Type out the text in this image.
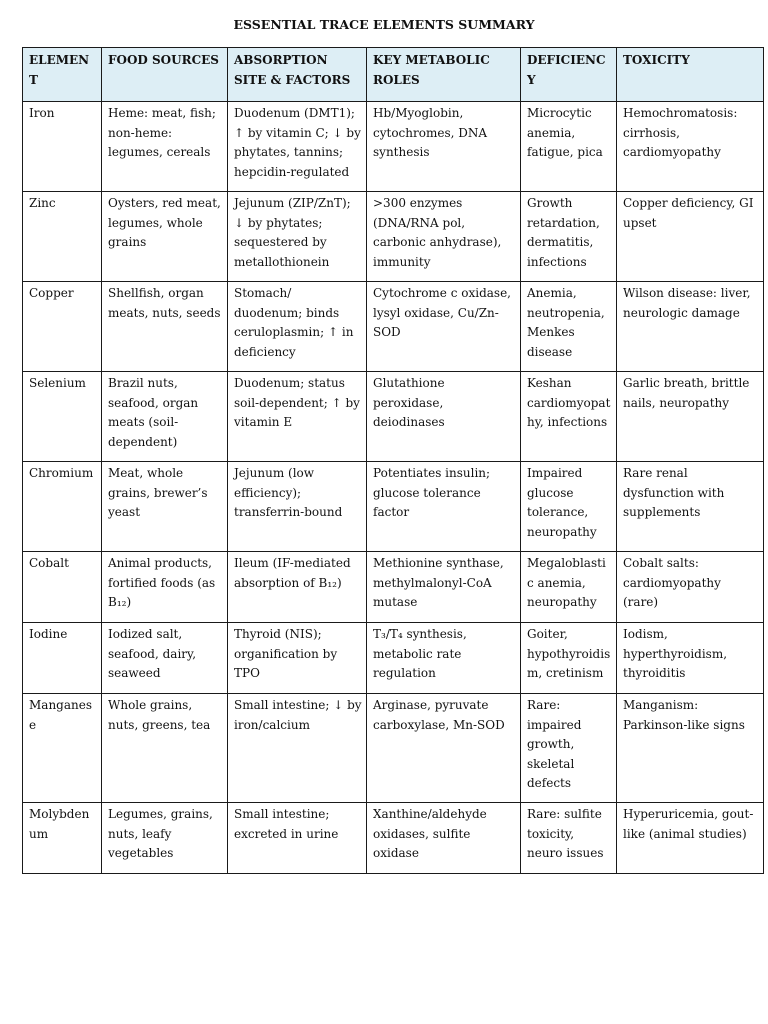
ESSENTIAL TRACE ELEMENTS SUMMARY
ELEMENT	FOOD SOURCES	ABSORPTION SITE & FACTORS	KEY METABOLIC ROLES	DEFICIENCY	TOXICITY
Iron	Heme: meat, fish; non-heme: legumes, cereals	Duodenum (DMT1); ↑ by vitamin C; ↓ by phytates, tannins; hepcidin-regulated	Hb/Myoglobin, cytochromes, DNA synthesis	Microcytic anemia, fatigue, pica	Hemochromatosis: cirrhosis, cardiomyopathy
Zinc	Oysters, red meat, legumes, whole grains	Jejunum (ZIP/ZnT); ↓ by phytates; sequestered by metallothionein	>300 enzymes (DNA/RNA pol, carbonic anhydrase), immunity	Growth retardation, dermatitis, infections	Copper deficiency, GI upset
Copper	Shellfish, organ meats, nuts, seeds	Stomach/ duodenum; binds ceruloplasmin; ↑ in deficiency	Cytochrome c oxidase, lysyl oxidase, Cu/Zn-SOD	Anemia, neutropenia, Menkes disease	Wilson disease: liver, neurologic damage
Selenium	Brazil nuts, seafood, organ meats (soil-dependent)	Duodenum; status soil-dependent; ↑ by vitamin E	Glutathione peroxidase, deiodinases	Keshan cardiomyopathy, infections	Garlic breath, brittle nails, neuropathy
Chromium	Meat, whole grains, brewer’s yeast	Jejunum (low efficiency); transferrin-bound	Potentiates insulin; glucose tolerance factor	Impaired glucose tolerance, neuropathy	Rare renal dysfunction with supplements
Cobalt	Animal products, fortified foods (as B₁₂)	Ileum (IF-mediated absorption of B₁₂)	Methionine synthase, methylmalonyl-CoA mutase	Megaloblastic anemia, neuropathy	Cobalt salts: cardiomyopathy (rare)
Iodine	Iodized salt, seafood, dairy, seaweed	Thyroid (NIS); organification by TPO	T₃/T₄ synthesis, metabolic rate regulation	Goiter, hypothyroidism, cretinism	Iodism, hyperthyroidism, thyroiditis
Manganese	Whole grains, nuts, greens, tea	Small intestine; ↓ by iron/calcium	Arginase, pyruvate carboxylase, Mn-SOD	Rare: impaired growth, skeletal defects	Manganism: Parkinson-like signs
Molybdenum	Legumes, grains, nuts, leafy vegetables	Small intestine; excreted in urine	Xanthine/aldehyde oxidases, sulfite oxidase	Rare: sulfite toxicity, neuro issues	Hyperuricemia, gout-like (animal studies)
